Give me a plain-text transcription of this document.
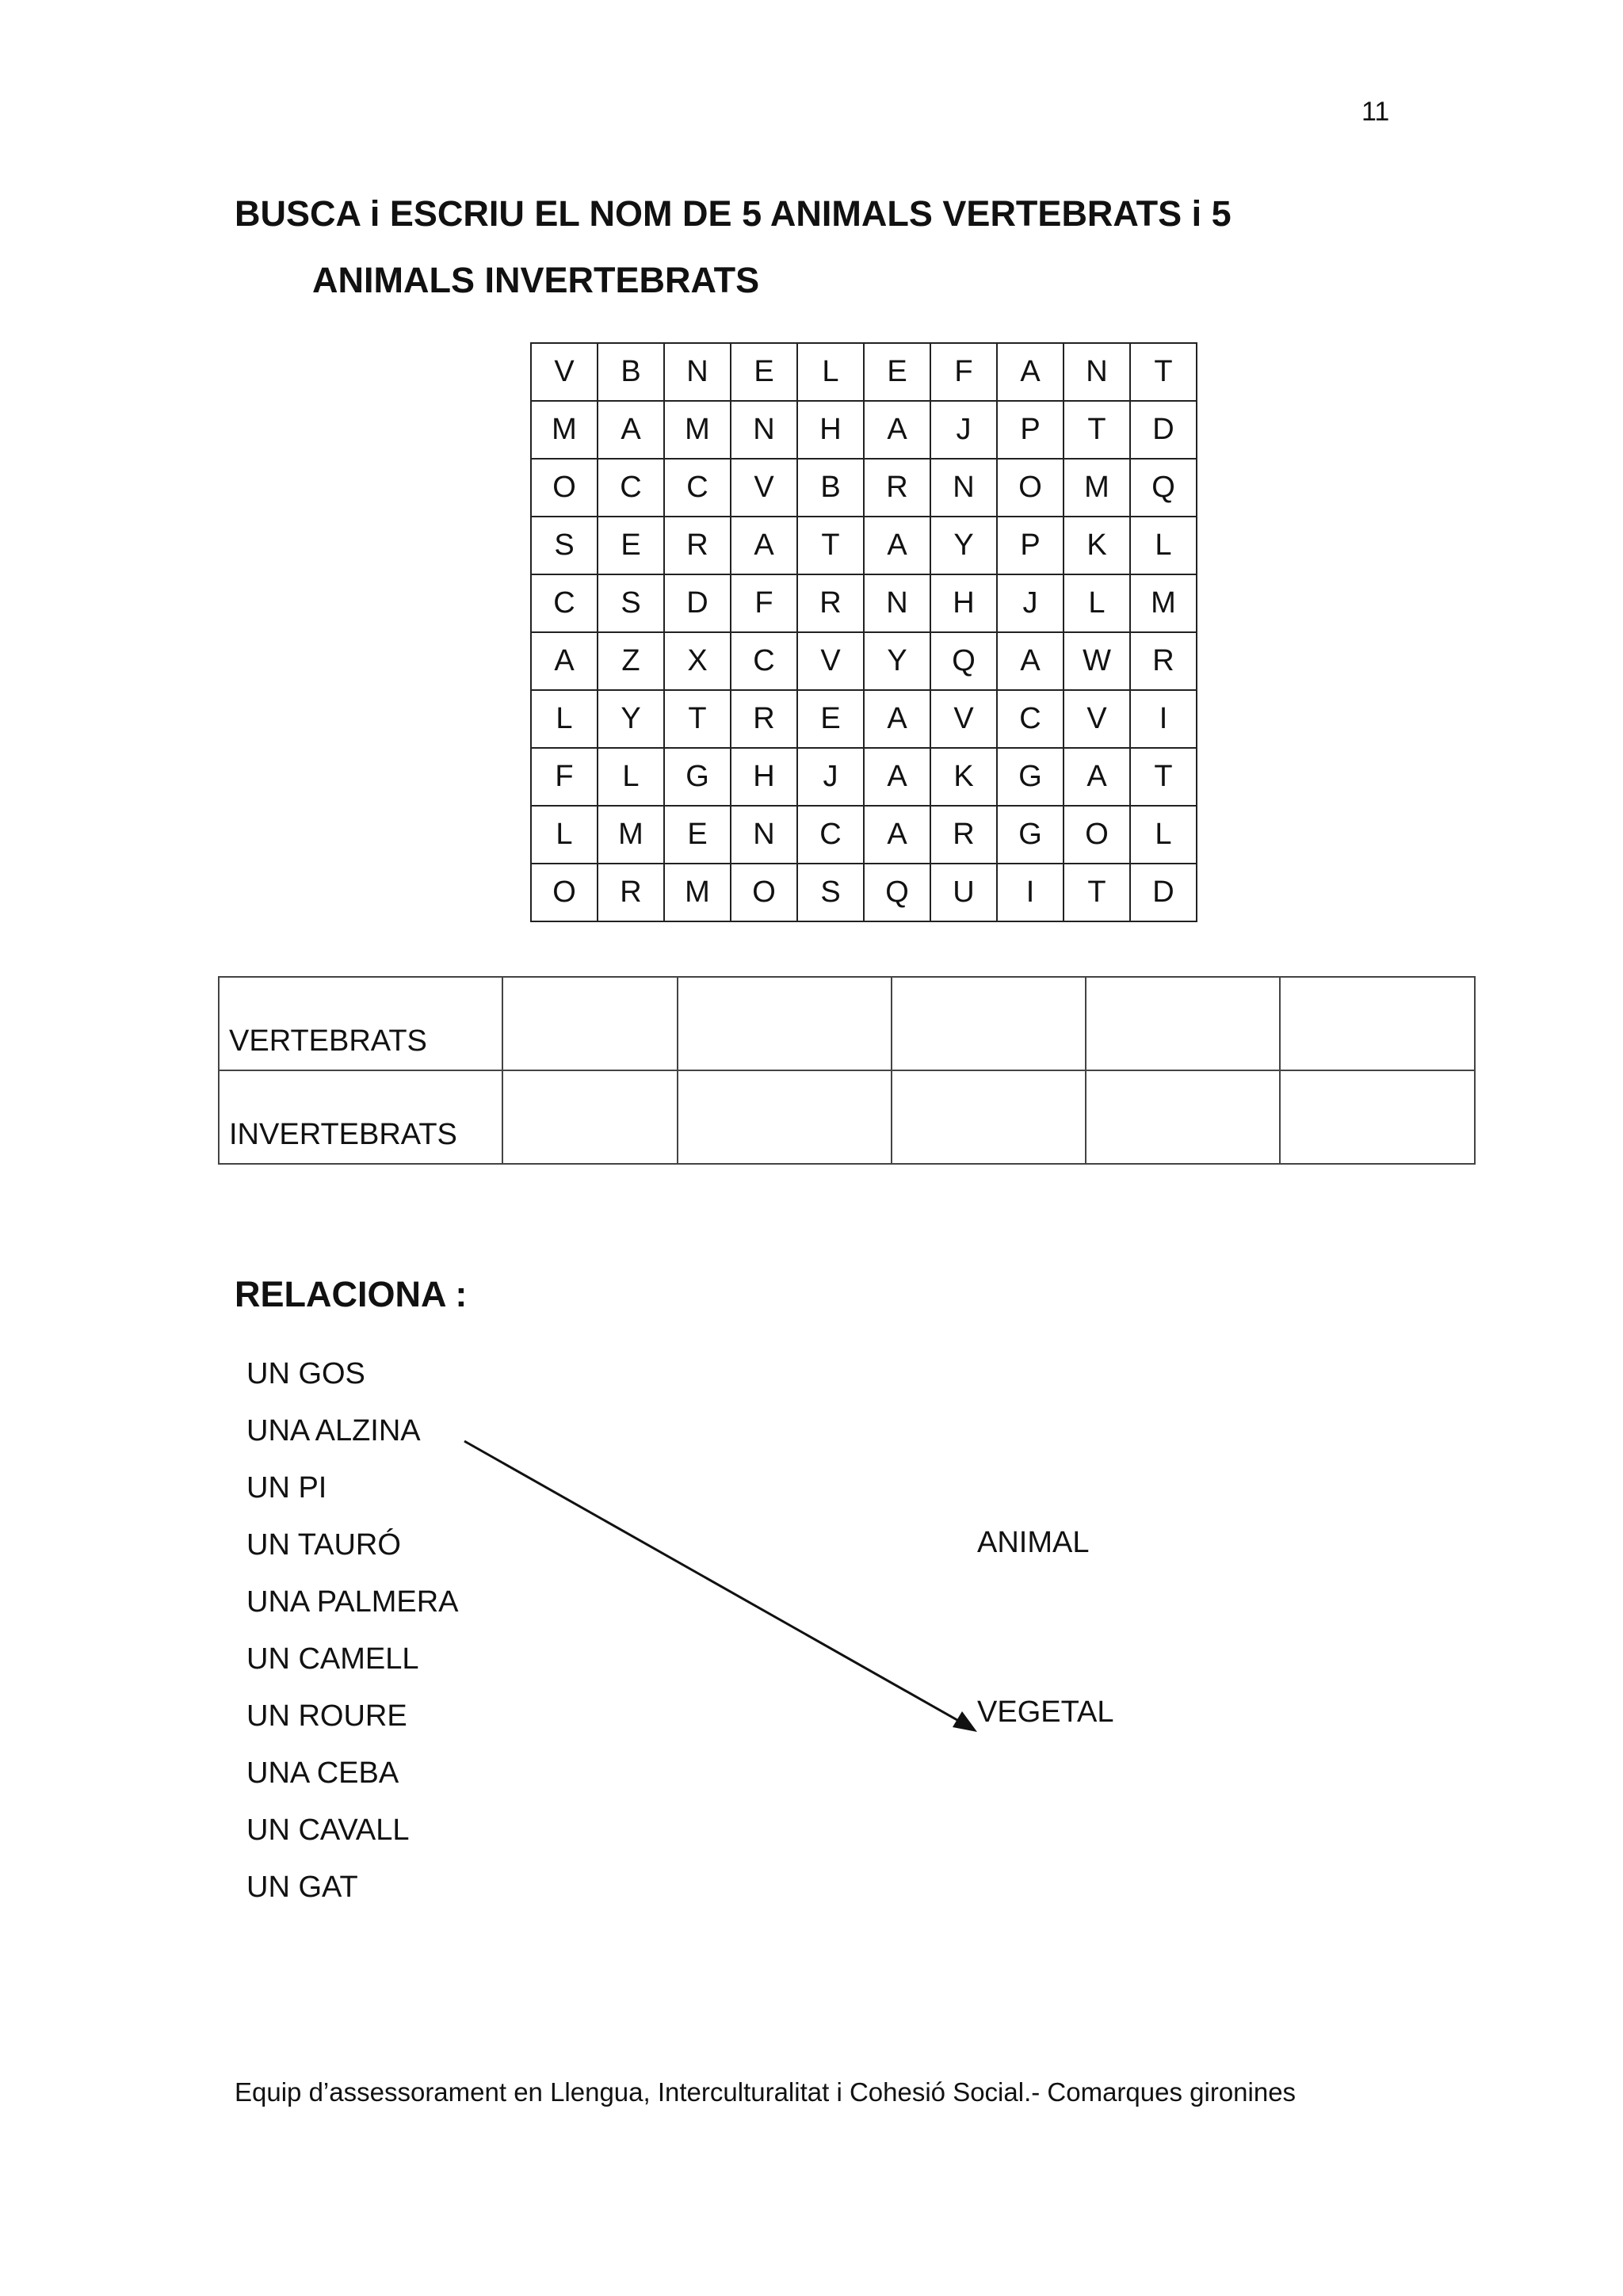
11
BUSCA i ESCRIU EL NOM DE 5 ANIMALS VERTEBRATS i 5
ANIMALS INVERTEBRATS
V	B	N	E	L	E	F	A	N	T
M	A	M	N	H	A	J	P	T	D
O	C	C	V	B	R	N	O	M	Q
S	E	R	A	T	A	Y	P	K	L
C	S	D	F	R	N	H	J	L	M
A	Z	X	C	V	Y	Q	A	W	R
L	Y	T	R	E	A	V	C	V	I
F	L	G	H	J	A	K	G	A	T
L	M	E	N	C	A	R	G	O	L
O	R	M	O	S	Q	U	I	T	D
VERTEBRATS					
INVERTEBRATS					
RELACIONA :
UN GOS
UNA ALZINA
UN PI
UN TAURÓ
UNA PALMERA
UN CAMELL
UN ROURE
UNA CEBA
UN CAVALL
UN GAT
ANIMAL
VEGETAL
Equip d’assessorament en Llengua, Interculturalitat i Cohesió Social.- Comarques gironines
